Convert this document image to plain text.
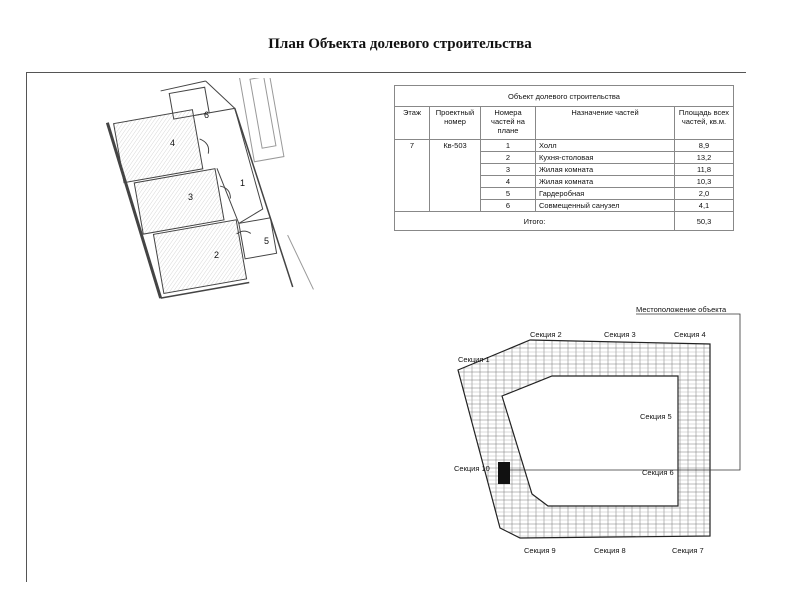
План Объекта долевого строительства
4
3
2
6
1
5
Объект долевого строительства				
Этаж	Проектный номер	Номера частей на плане	Назначение частей	Площадь всех частей, кв.м.
7	Кв-503	1	Холл	8,9
		2	Кухня-столовая	13,2
		3	Жилая комната	11,8
		4	Жилая комната	10,3
		5	Гардеробная	2,0
		6	Совмещенный санузел	4,1
Итого:				50,3
Местоположение объекта
Секция 2	Секция 3	Секция 4
Секция 1
Секция 5
Секция 6
Секция 10
Секция 9	Секция 8	Секция 7
